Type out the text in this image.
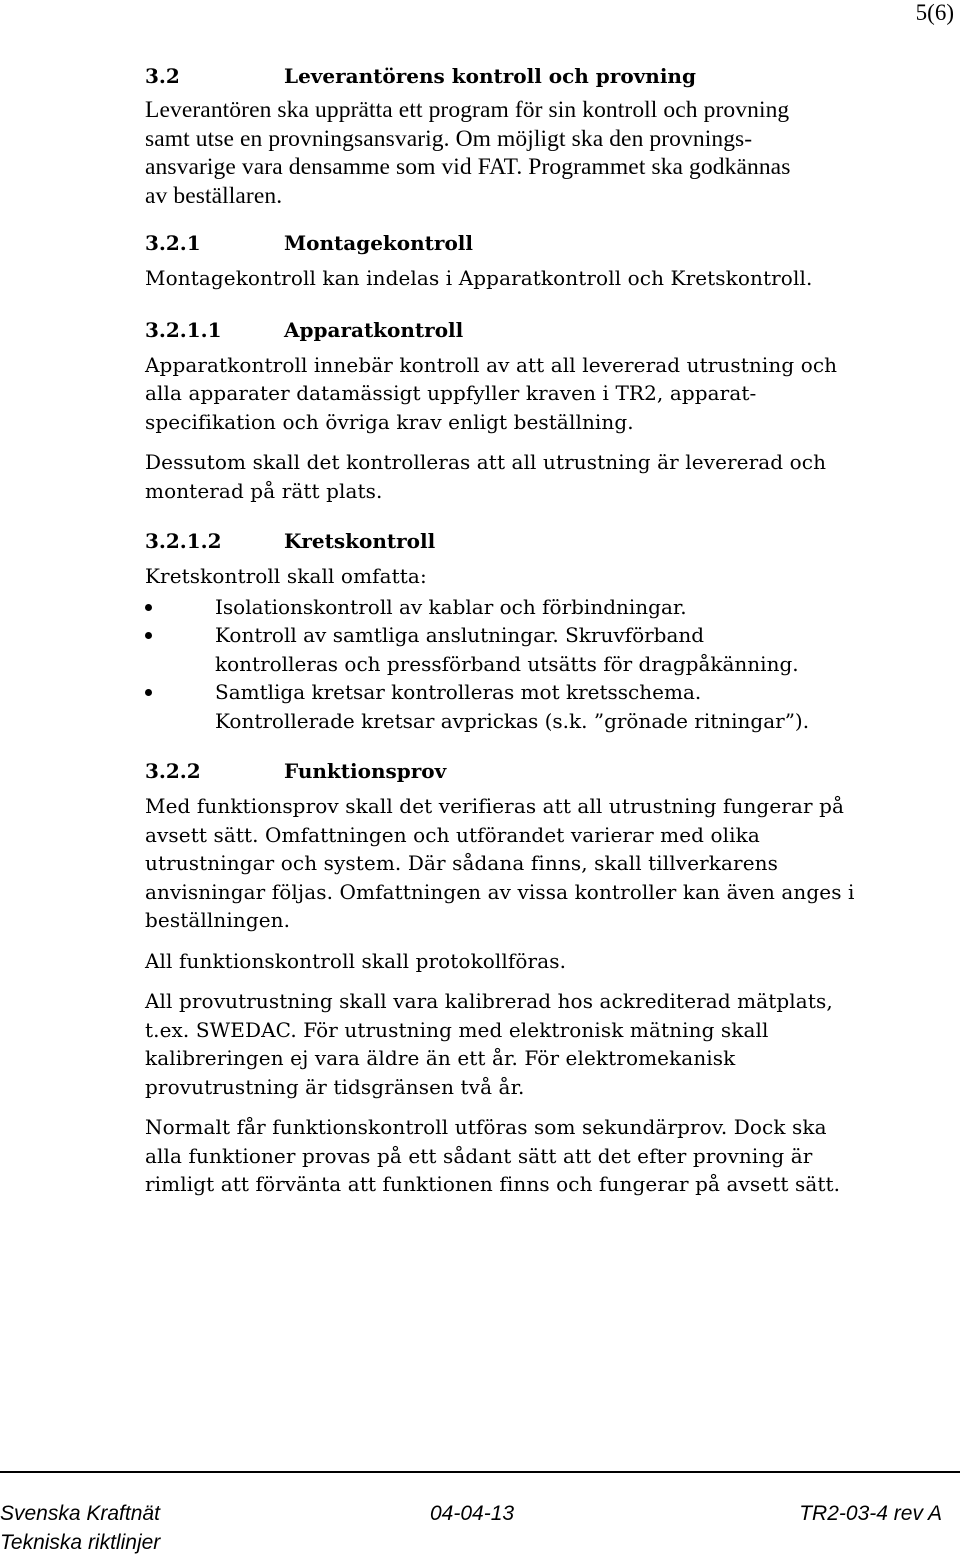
5(6)
3.2	Leverantörens kontroll och provning
Leverantören ska upprätta ett program för sin kontroll och provning
samt utse en provningsansvarig. Om möjligt ska den provnings-
ansvarige vara densamme som vid FAT. Programmet ska godkännas
av beställaren.
3.2.1	Montagekontroll
Montagekontroll kan indelas i Apparatkontroll och Kretskontroll.
3.2.1.1	Apparatkontroll
Apparatkontroll innebär kontroll av att all levererad utrustning och
alla apparater datamässigt uppfyller kraven i TR2, apparat-
specifikation och övriga krav enligt beställning.
Dessutom skall det kontrolleras att all utrustning är levererad och
monterad på rätt plats.
3.2.1.2	Kretskontroll
Kretskontroll skall omfatta:
Isolationskontroll av kablar och förbindningar.
Kontroll av samtliga anslutningar. Skruvförband
kontrolleras och pressförband utsätts för dragpåkänning.
Samtliga kretsar kontrolleras mot kretsschema.
Kontrollerade kretsar avprickas (s.k. ”grönade ritningar”).
3.2.2	Funktionsprov
Med funktionsprov skall det verifieras att all utrustning fungerar på
avsett sätt. Omfattningen och utförandet varierar med olika
utrustningar och system. Där sådana finns, skall tillverkarens
anvisningar följas. Omfattningen av vissa kontroller kan även anges i
beställningen.
All funktionskontroll skall protokollföras.
All provutrustning skall vara kalibrerad hos ackrediterad mätplats,
t.ex. SWEDAC. För utrustning med elektronisk mätning skall
kalibreringen ej vara äldre än ett år. För elektromekanisk
provutrustning är tidsgränsen två år.
Normalt får funktionskontroll utföras som sekundärprov. Dock ska
alla funktioner provas på ett sådant sätt att det efter provning är
rimligt att förvänta att funktionen finns och fungerar på avsett sätt.
Svenska Kraftnät
Tekniska riktlinjer
04-04-13	TR2-03-4 rev A
